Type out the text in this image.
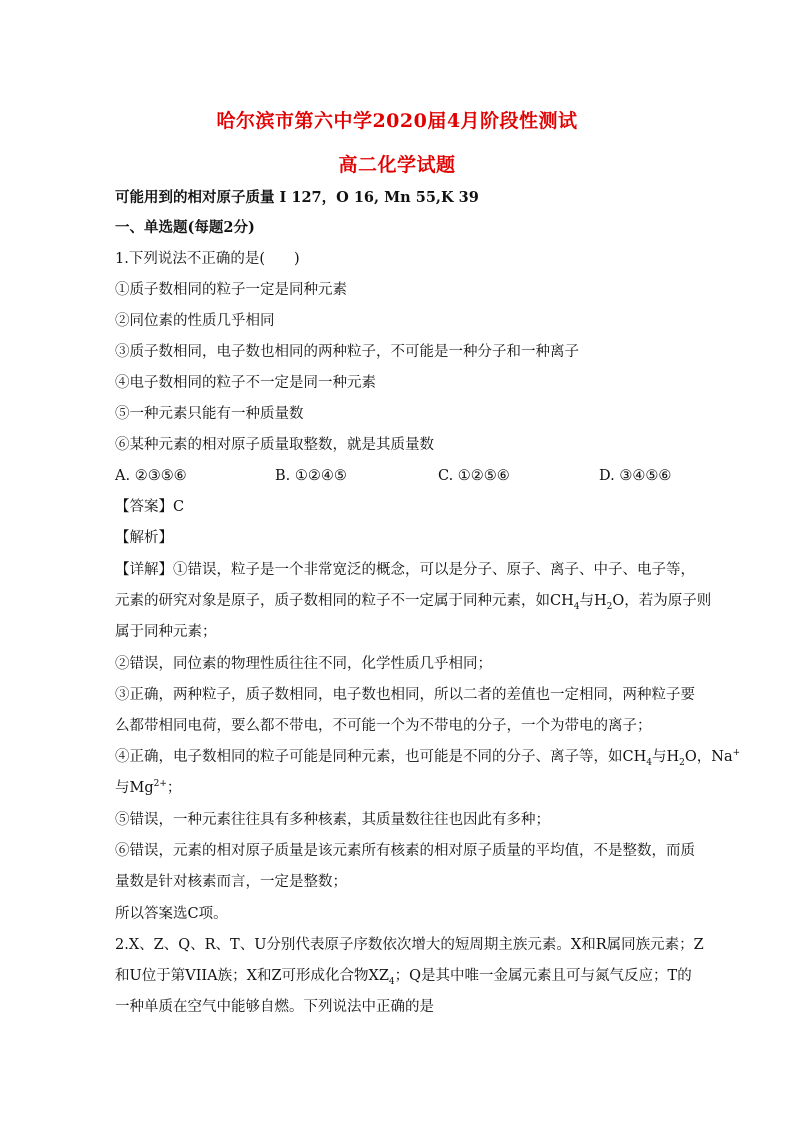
哈尔滨市第六中学2020届4月阶段性测试
高二化学试题
可能用到的相对原子质量 I 127，O 16, Mn 55,K 39
一、单选题(每题2分)
1.下列说法不正确的是(　　)
①质子数相同的粒子一定是同种元素
②同位素的性质几乎相同
③质子数相同，电子数也相同的两种粒子，不可能是一种分子和一种离子
④电子数相同的粒子不一定是同一种元素
⑤一种元素只能有一种质量数
⑥某种元素的相对原子质量取整数，就是其质量数
A. ②③⑤⑥	B. ①②④⑤	C. ①②⑤⑥	D. ③④⑤⑥
【答案】C
【解析】
【详解】①错误，粒子是一个非常宽泛的概念，可以是分子、原子、离子、中子、电子等，
元素的研究对象是原子，质子数相同的粒子不一定属于同种元素，如$CH_4$与$H_2O$，若为原子则
属于同种元素；
②错误，同位素的物理性质往往不同，化学性质几乎相同；
③正确，两种粒子，质子数相同，电子数也相同，所以二者的差值也一定相同，两种粒子要
么都带相同电荷，要么都不带电，不可能一个为不带电的分子，一个为带电的离子；
④正确，电子数相同的粒子可能是同种元素，也可能是不同的分子、离子等，如$CH_4$与$H_2O$，Na+
与$Mg^{2+}$；
⑤错误，一种元素往往具有多种核素，其质量数往往也因此有多种；
⑥错误，元素的相对原子质量是该元素所有核素的相对原子质量的平均值，不是整数，而质
量数是针对核素而言，一定是整数；
所以答案选C项。
2.X、Z、Q、R、T、U分别代表原子序数依次增大的短周期主族元素。X和R属同族元素；Z
和U位于第VIIA族；X和Z可形成化合物$XZ_4$；Q是其中唯一金属元素且可与氮气反应；T的
一种单质在空气中能够自燃。下列说法中正确的是
